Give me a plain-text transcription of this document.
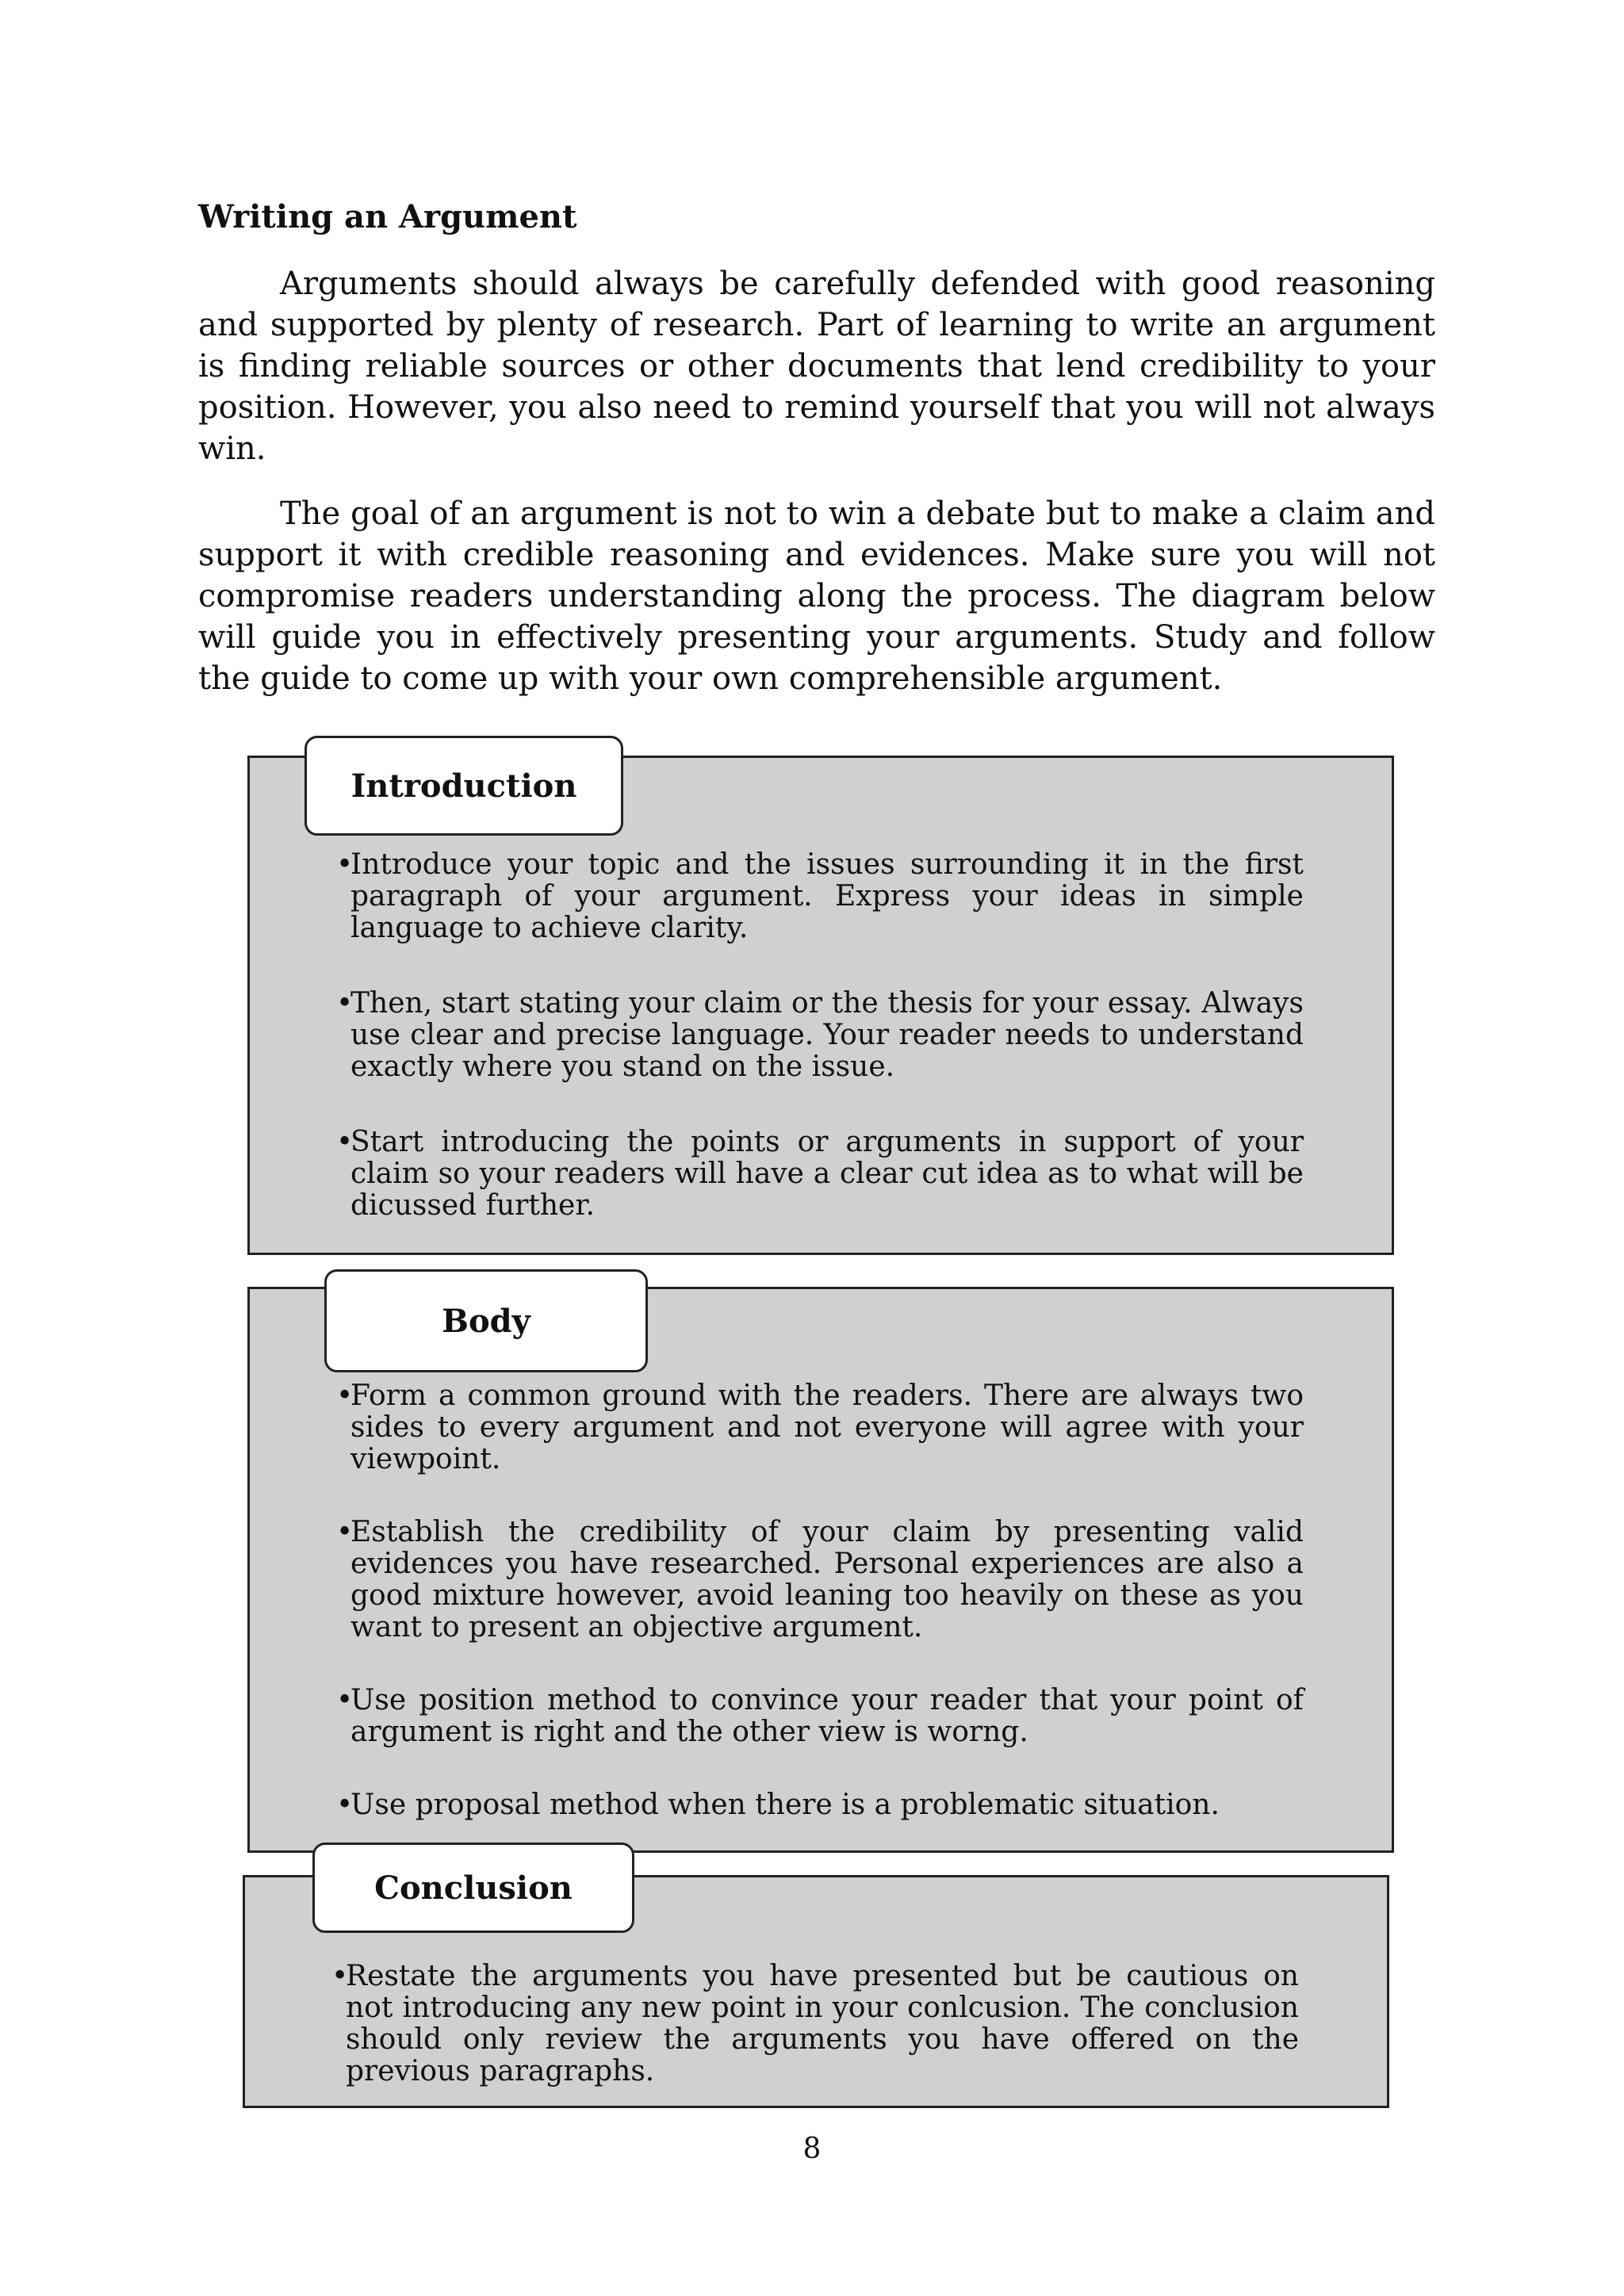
Writing an Argument

Arguments should always be carefully defended with good reasoning and supported by plenty of research. Part of learning to write an argument is finding reliable sources or other documents that lend credibility to your position. However, you also need to remind yourself that you will not always win.

The goal of an argument is not to win a debate but to make a claim and support it with credible reasoning and evidences. Make sure you will not compromise readers understanding along the process. The diagram below will guide you in effectively presenting your arguments. Study and follow the guide to come up with your own comprehensible argument.

Introduction
•
Introduce your topic and the issues surrounding it in the first paragraph of your argument. Express your ideas in simple language to achieve clarity.
•
Then, start stating your claim or the thesis for your essay. Always use clear and precise language. Your reader needs to understand exactly where you stand on the issue.
•
Start introducing the points or arguments in support of your claim so your readers will have a clear cut idea as to what will be dicussed further.
Body
•
Form a common ground with the readers. There are always two sides to every argument and not everyone will agree with your viewpoint.
•
Establish the credibility of your claim by presenting valid evidences you have researched. Personal experiences are also a good mixture however, avoid leaning too heavily on these as you want to present an objective argument.
•
Use position method to convince your reader that your point of argument is right and the other view is worng.
•
Use proposal method when there is a problematic situation.
Conclusion
•
Restate the arguments you have presented but be cautious on not introducing any new point in your conlcusion. The conclusion should only review the arguments you have offered on the previous paragraphs.

8
